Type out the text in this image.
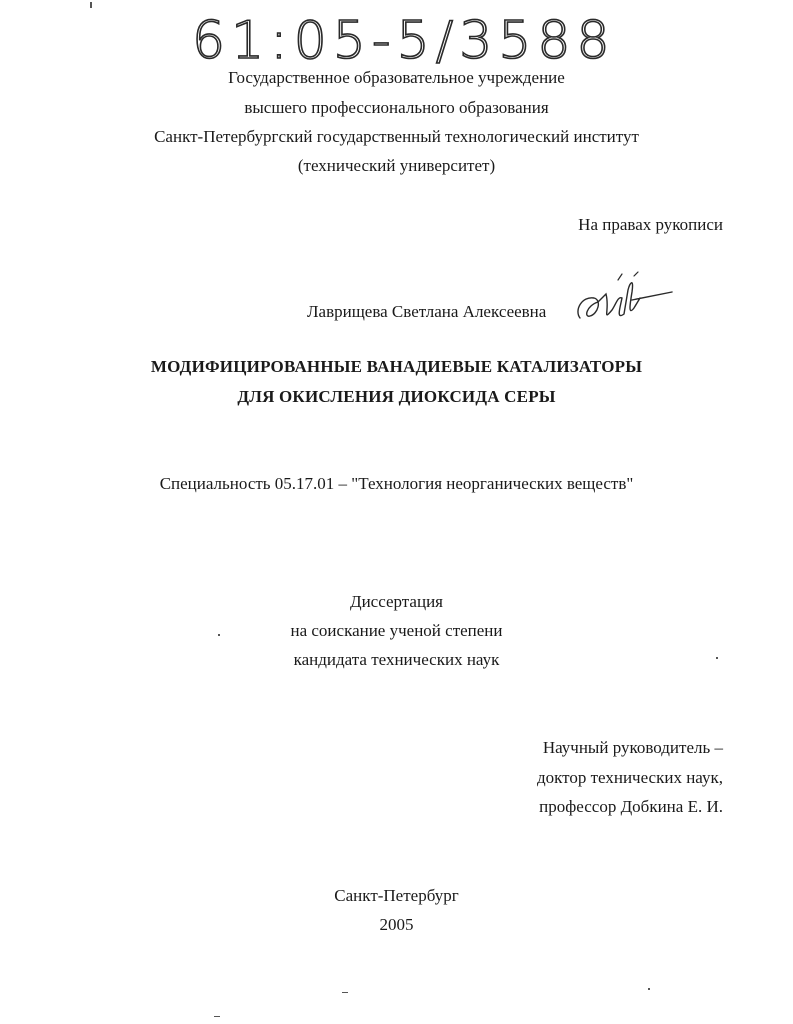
61:05-5/3588
Государственное образовательное учреждение
высшего профессионального образования
Санкт-Петербургский государственный технологический институт
(технический университет)
На правах рукописи
Лаврищева Светлана Алексеевна
МОДИФИЦИРОВАННЫЕ ВАНАДИЕВЫЕ КАТАЛИЗАТОРЫ
ДЛЯ ОКИСЛЕНИЯ ДИОКСИДА СЕРЫ
Специальность 05.17.01 – "Технология неорганических веществ"
Диссертация
на соискание ученой степени
кандидата технических наук
Научный руководитель –
доктор технических наук,
профессор Добкина Е. И.
Санкт-Петербург
2005
